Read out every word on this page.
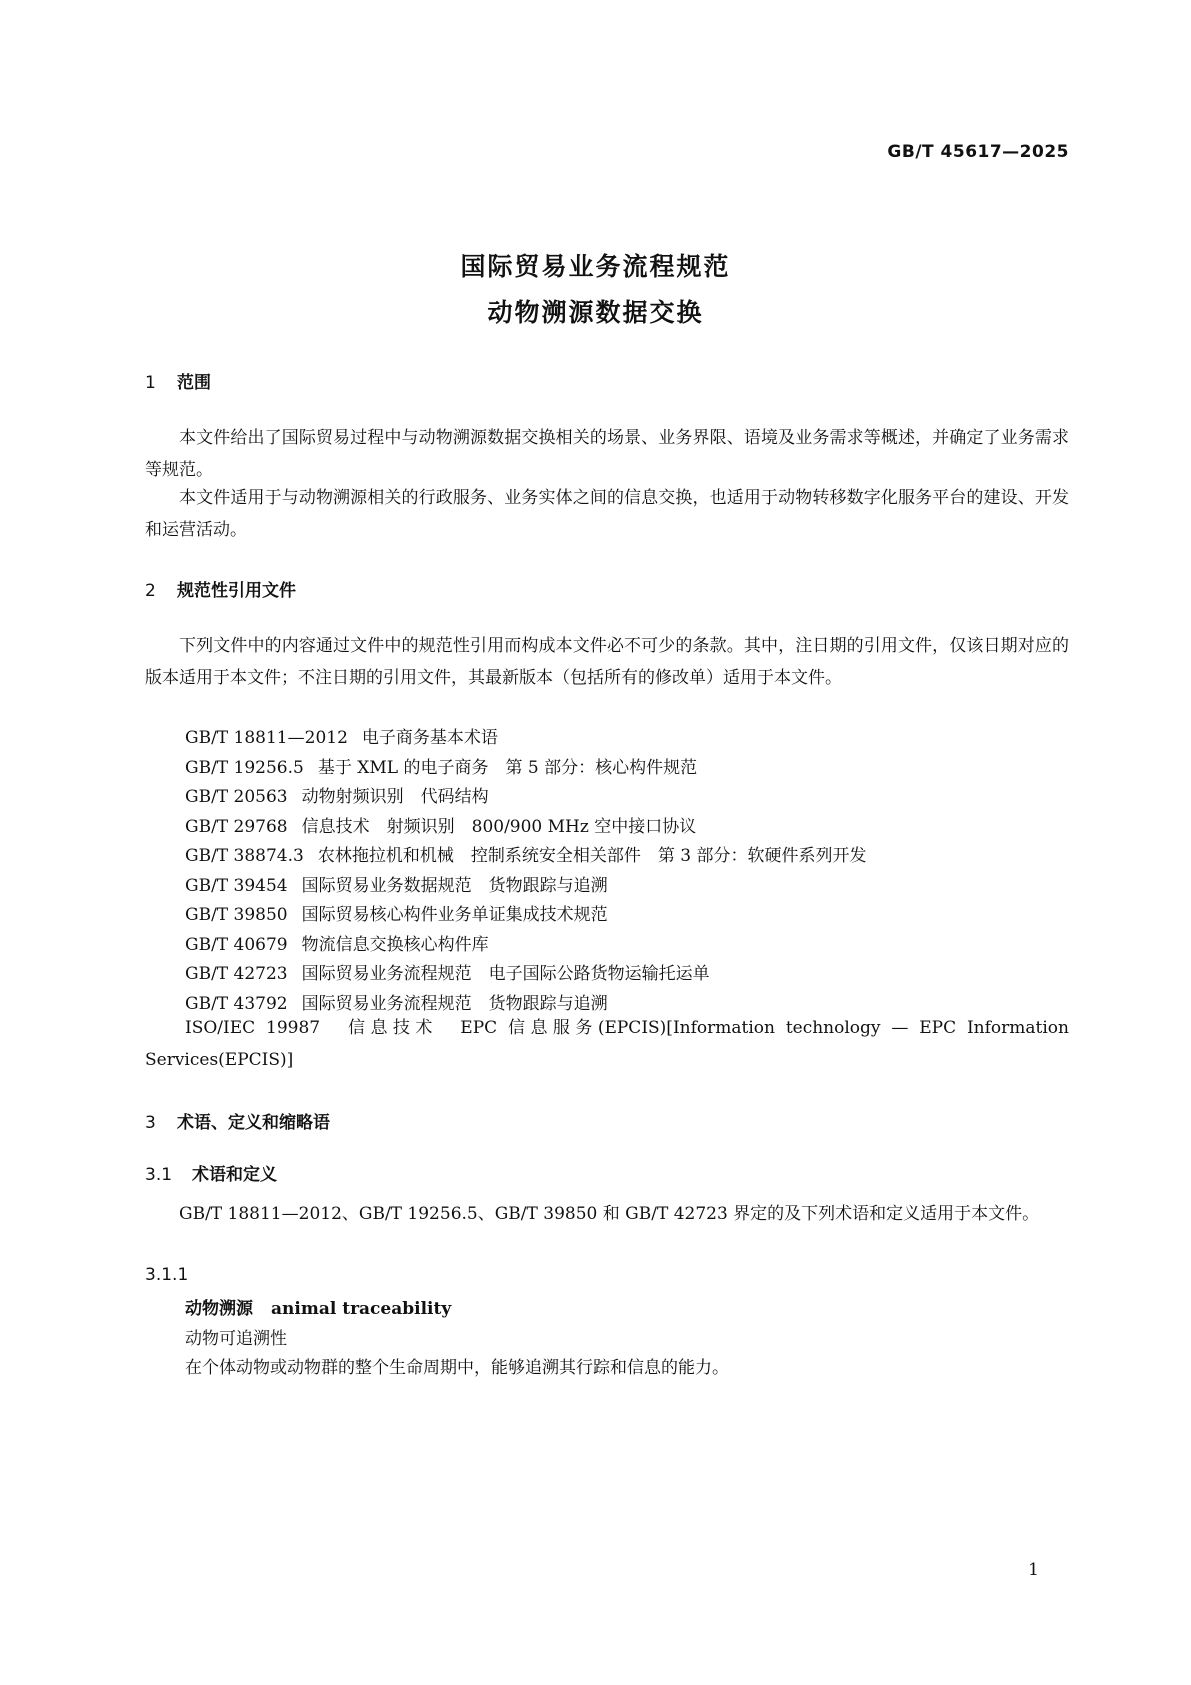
GB/T 45617—2025
国际贸易业务流程规范
动物溯源数据交换
1 范围
本文件给出了国际贸易过程中与动物溯源数据交换相关的场景、业务界限、语境及业务需求等概述，并确定了业务需求等规范。
本文件适用于与动物溯源相关的行政服务、业务实体之间的信息交换，也适用于动物转移数字化服务平台的建设、开发和运营活动。
2 规范性引用文件
下列文件中的内容通过文件中的规范性引用而构成本文件必不可少的条款。其中，注日期的引用文件，仅该日期对应的版本适用于本文件；不注日期的引用文件，其最新版本（包括所有的修改单）适用于本文件。
GB/T 18811—2012 电子商务基本术语
GB/T 19256.5 基于 XML 的电子商务　第 5 部分：核心构件规范
GB/T 20563 动物射频识别　代码结构
GB/T 29768 信息技术　射频识别　800/900 MHz 空中接口协议
GB/T 38874.3 农林拖拉机和机械　控制系统安全相关部件　第 3 部分：软硬件系列开发
GB/T 39454 国际贸易业务数据规范　货物跟踪与追溯
GB/T 39850 国际贸易核心构件业务单证集成技术规范
GB/T 40679 物流信息交换核心构件库
GB/T 42723 国际贸易业务流程规范　电子国际公路货物运输托运单
GB/T 43792 国际贸易业务流程规范　货物跟踪与追溯
ISO/IEC 19987　信息技术　EPC 信息服务(EPCIS)[Information technology — EPC Information Services(EPCIS)]
3 术语、定义和缩略语
3.1 术语和定义
GB/T 18811—2012、GB/T 19256.5、GB/T 39850 和 GB/T 42723 界定的及下列术语和定义适用于本文件。
3.1.1
动物溯源 animal traceability
动物可追溯性
在个体动物或动物群的整个生命周期中，能够追溯其行踪和信息的能力。
1
